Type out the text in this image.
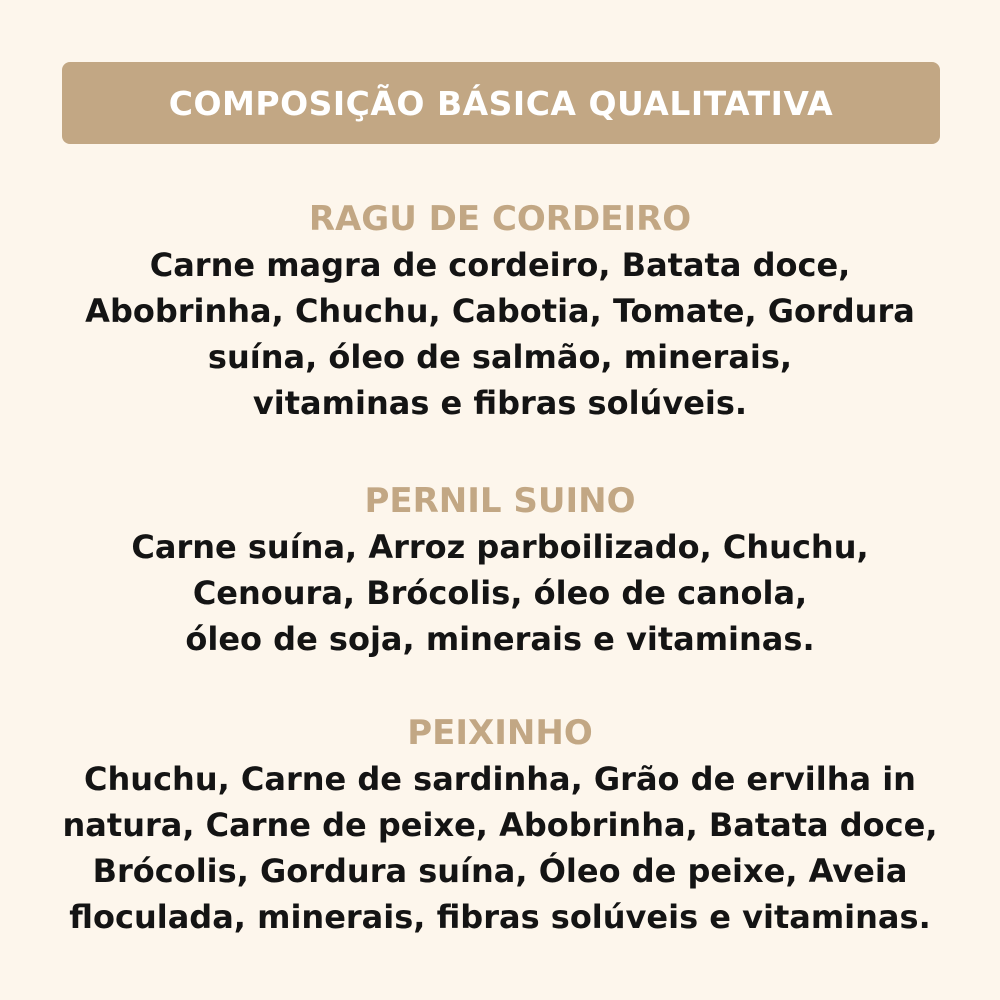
COMPOSIÇÃO BÁSICA QUALITATIVA
RAGU DE CORDEIRO
Carne magra de cordeiro, Batata doce,
Abobrinha, Chuchu, Cabotia, Tomate, Gordura
suína, óleo de salmão, minerais,
vitaminas e fibras solúveis.
PERNIL SUINO
Carne suína, Arroz parboilizado, Chuchu,
Cenoura, Brócolis, óleo de canola,
óleo de soja, minerais e vitaminas.
PEIXINHO
Chuchu, Carne de sardinha, Grão de ervilha in
natura, Carne de peixe, Abobrinha, Batata doce,
Brócolis, Gordura suína, Óleo de peixe, Aveia
floculada, minerais, fibras solúveis e vitaminas.
